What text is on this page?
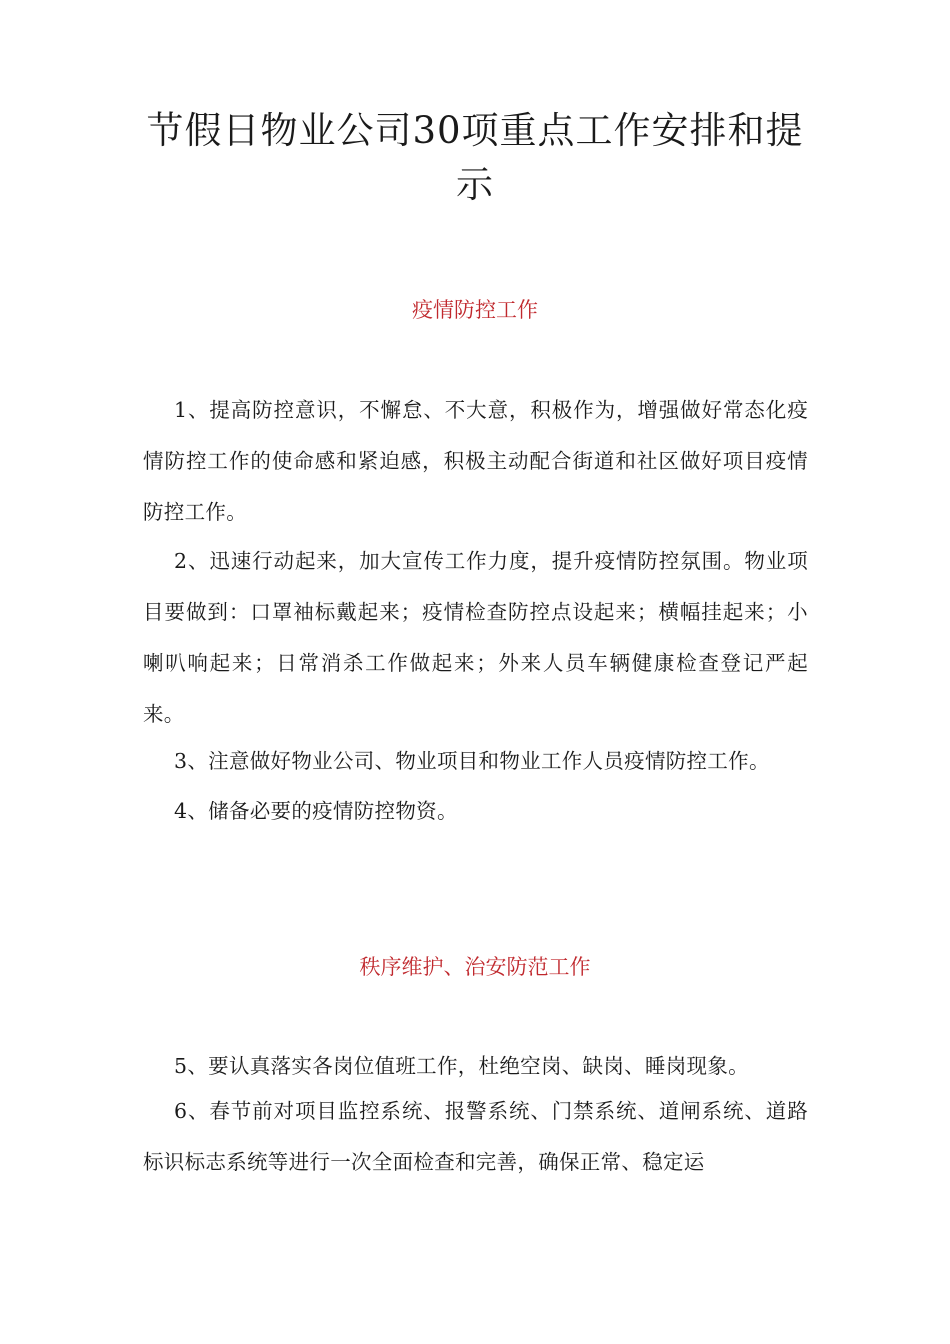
节假日物业公司30项重点工作安排和提示
疫情防控工作

1、提高防控意识，不懈怠、不大意，积极作为，增强做好常态化疫情防控工作的使命感和紧迫感，积极主动配合街道和社区做好项目疫情防控工作。

2、迅速行动起来，加大宣传工作力度，提升疫情防控氛围。物业项目要做到：口罩袖标戴起来；疫情检查防控点设起来；横幅挂起来；小喇叭响起来；日常消杀工作做起来；外来人员车辆健康检查登记严起来。

3、注意做好物业公司、物业项目和物业工作人员疫情防控工作。

4、储备必要的疫情防控物资。

秩序维护、治安防范工作

5、要认真落实各岗位值班工作，杜绝空岗、缺岗、睡岗现象。

6、春节前对项目监控系统、报警系统、门禁系统、道闸系统、道路标识标志系统等进行一次全面检查和完善，确保正常、稳定运
